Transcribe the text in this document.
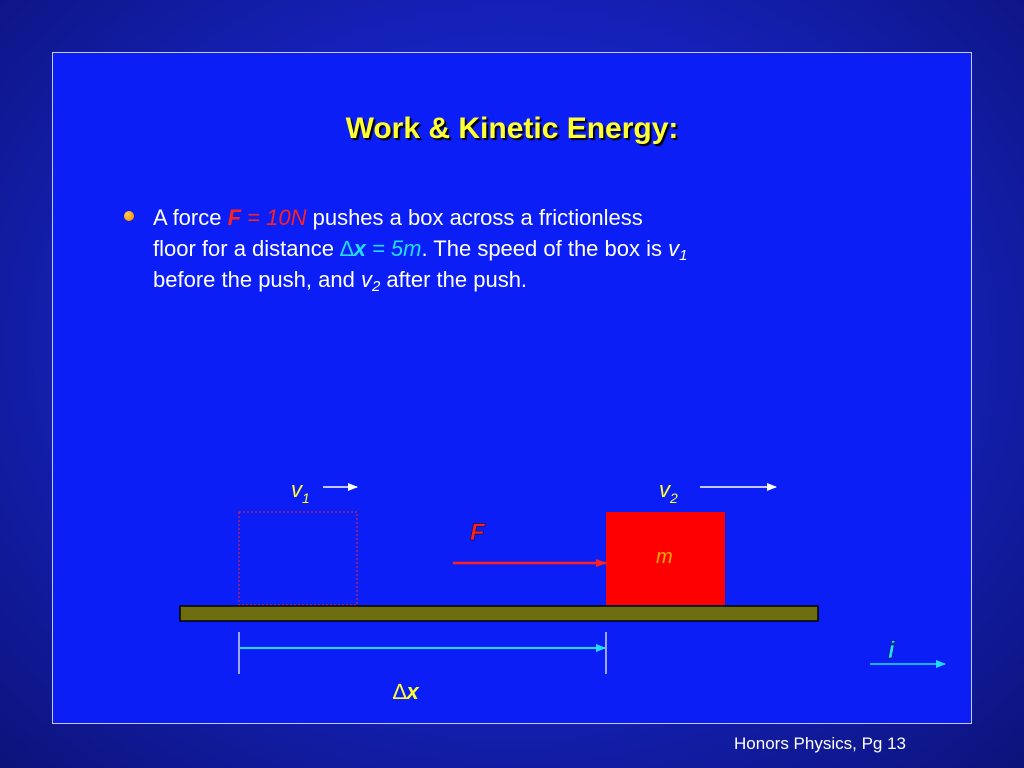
Work & Kinetic Energy:
A force F = 10N pushes a box across a frictionless
floor for a distance ∆x = 5m. The speed of the box is $v_1$
before the push, and $v_2$ after the push.
$v_1$	$v_2$
F
m
∆x
i
Honors Physics, Pg 13
